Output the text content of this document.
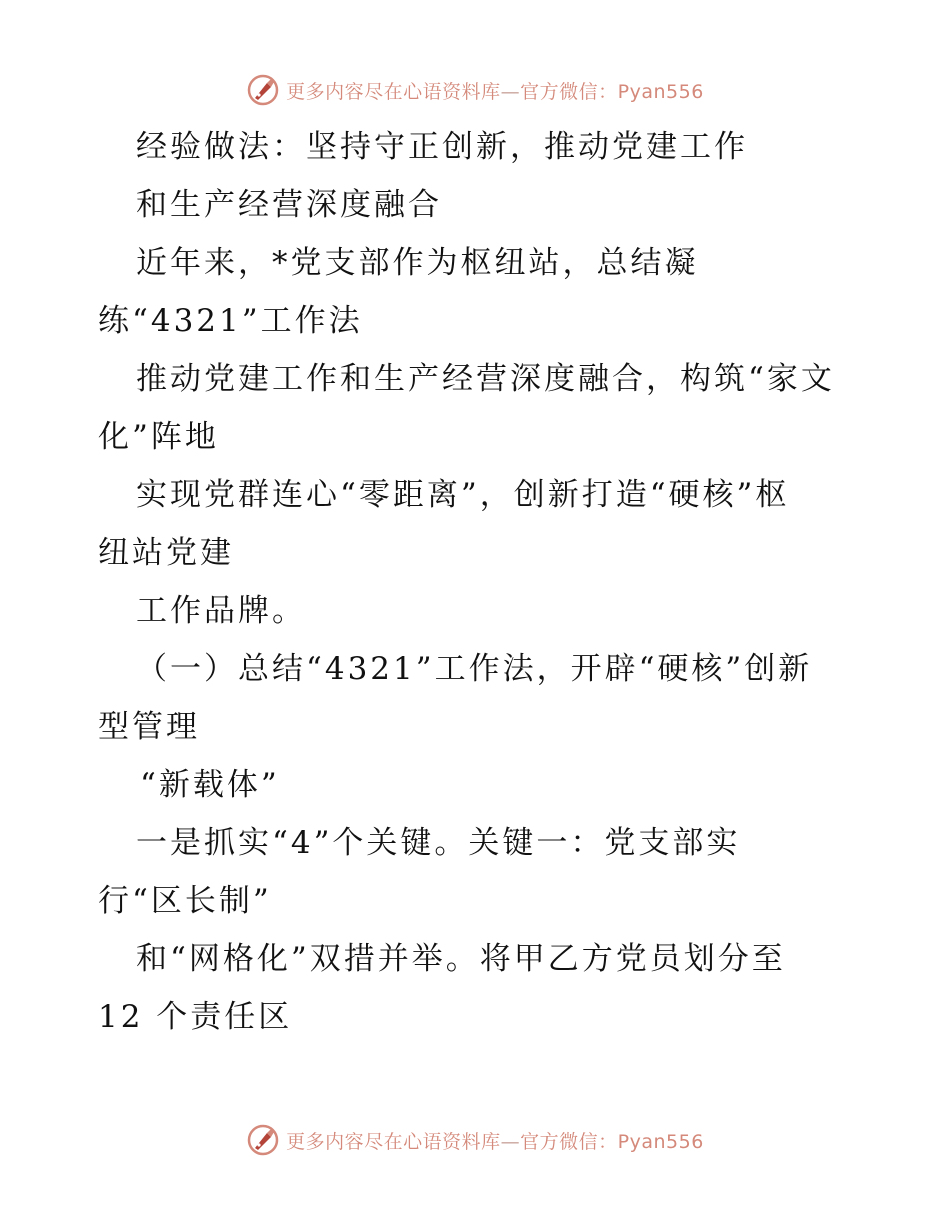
更多内容尽在心语资料库—官方微信：Pyan556
经验做法：坚持守正创新，推动党建工作
和生产经营深度融合
近年来，*党支部作为枢纽站，总结凝
练“4321”工作法
推动党建工作和生产经营深度融合，构筑“家文
化”阵地
实现党群连心“零距离”，创新打造“硬核”枢
纽站党建
工作品牌。
（一）总结“4321”工作法，开辟“硬核”创新
型管理
“新载体”
一是抓实“4”个关键。关键一：党支部实
行“区长制”
和“网格化”双措并举。将甲乙方党员划分至
12 个责任区
更多内容尽在心语资料库—官方微信：Pyan556
